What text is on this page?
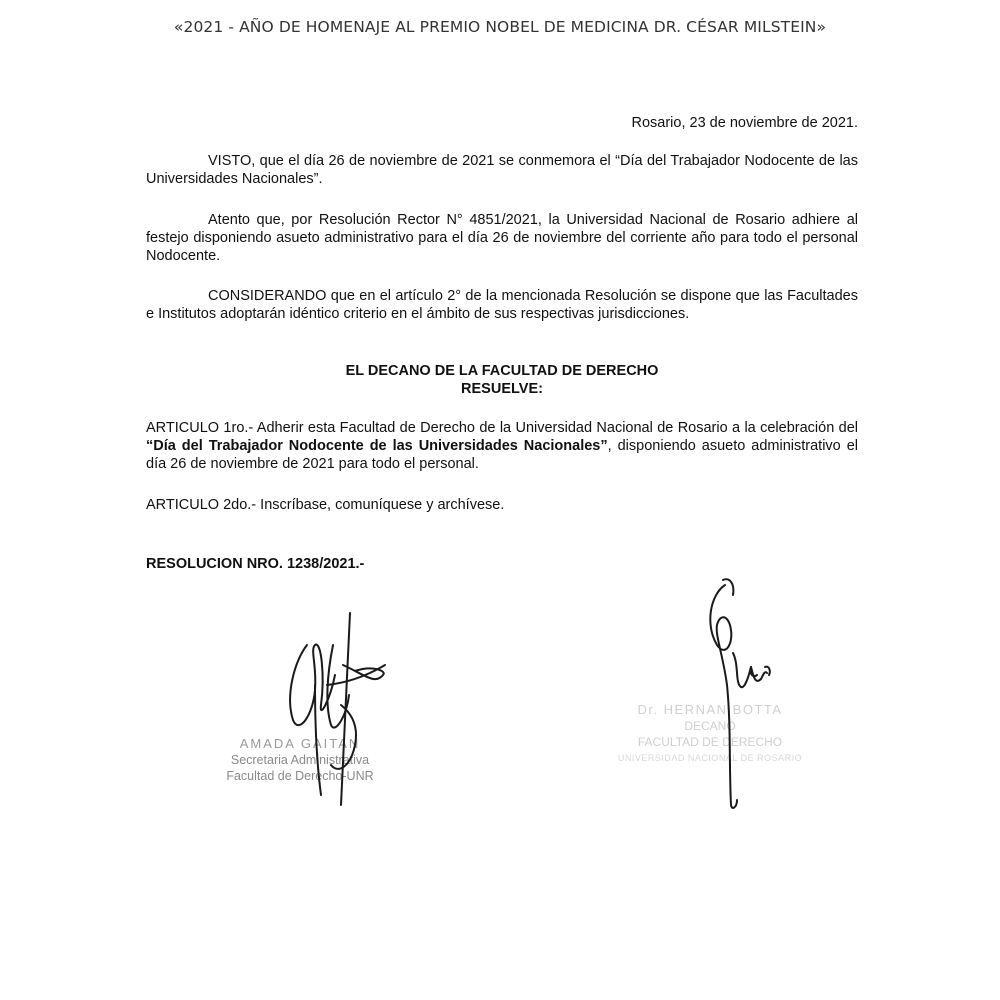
«2021 - AÑO DE HOMENAJE AL PREMIO NOBEL DE MEDICINA DR. CÉSAR MILSTEIN»
Rosario, 23 de noviembre de 2021.
VISTO, que el día 26 de noviembre de 2021 se conmemora el “Día del Trabajador Nodocente de las Universidades Nacionales”.
Atento que, por Resolución Rector N° 4851/2021, la Universidad Nacional de Rosario adhiere al festejo disponiendo asueto administrativo para el día 26 de noviembre del corriente año para todo el personal Nodocente.
CONSIDERANDO que en el artículo 2° de la mencionada Resolución se dispone que las Facultades e Institutos adoptarán idéntico criterio en el ámbito de sus respectivas jurisdicciones.
EL DECANO DE LA FACULTAD DE DERECHO
RESUELVE:
ARTICULO 1ro.- Adherir esta Facultad de Derecho de la Universidad Nacional de Rosario a la celebración del “Día del Trabajador Nodocente de las Universidades Nacionales”, disponiendo asueto administrativo el día 26 de noviembre de 2021 para todo el personal.
ARTICULO 2do.- Inscríbase, comuníquese y archívese.
RESOLUCION NRO. 1238/2021.-
AMADA GAITAN
Secretaria Administrativa
Facultad de Derecho-UNR
Dr. HERNAN BOTTA
DECANO
FACULTAD DE DERECHO
UNIVERSIDAD NACIONAL DE ROSARIO
